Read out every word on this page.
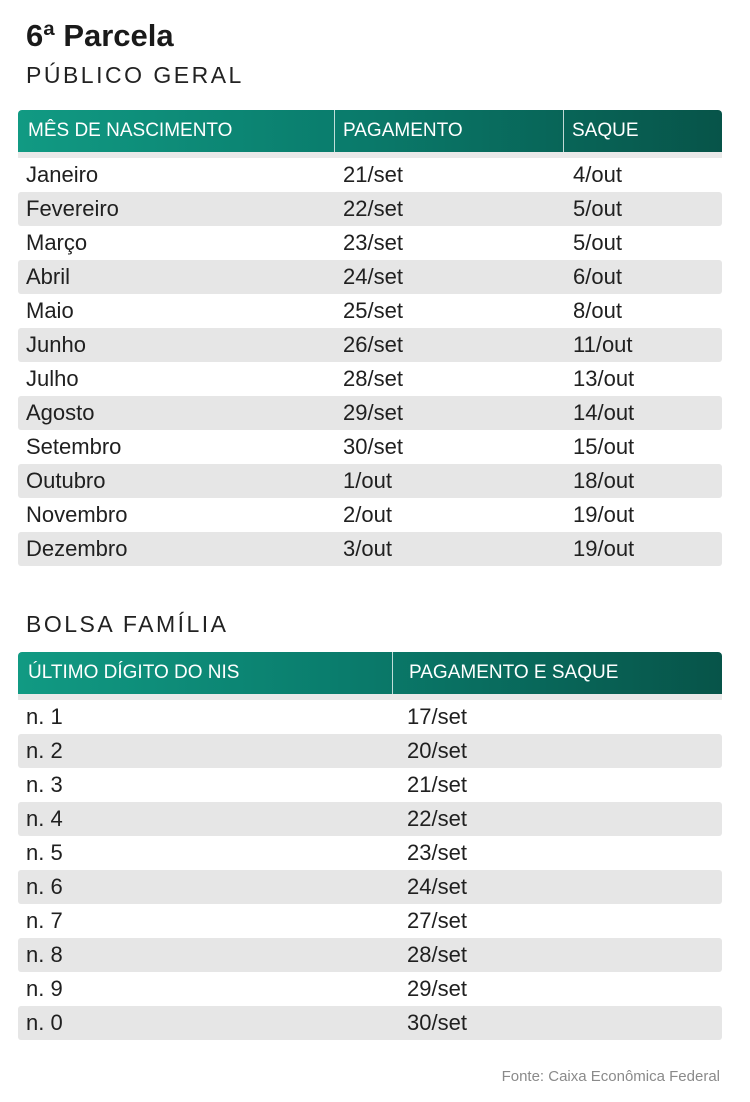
6ª Parcela
PÚBLICO GERAL
MÊS DE NASCIMENTO	PAGAMENTO	SAQUE
Janeiro	21/set	4/out
Fevereiro	22/set	5/out
Março	23/set	5/out
Abril	24/set	6/out
Maio	25/set	8/out
Junho	26/set	11/out
Julho	28/set	13/out
Agosto	29/set	14/out
Setembro	30/set	15/out
Outubro	1/out	18/out
Novembro	2/out	19/out
Dezembro	3/out	19/out
BOLSA FAMÍLIA
ÚLTIMO DÍGITO DO NIS	PAGAMENTO E SAQUE
n. 1	17/set
n. 2	20/set
n. 3	21/set
n. 4	22/set
n. 5	23/set
n. 6	24/set
n. 7	27/set
n. 8	28/set
n. 9	29/set
n. 0	30/set
Fonte: Caixa Econômica Federal
